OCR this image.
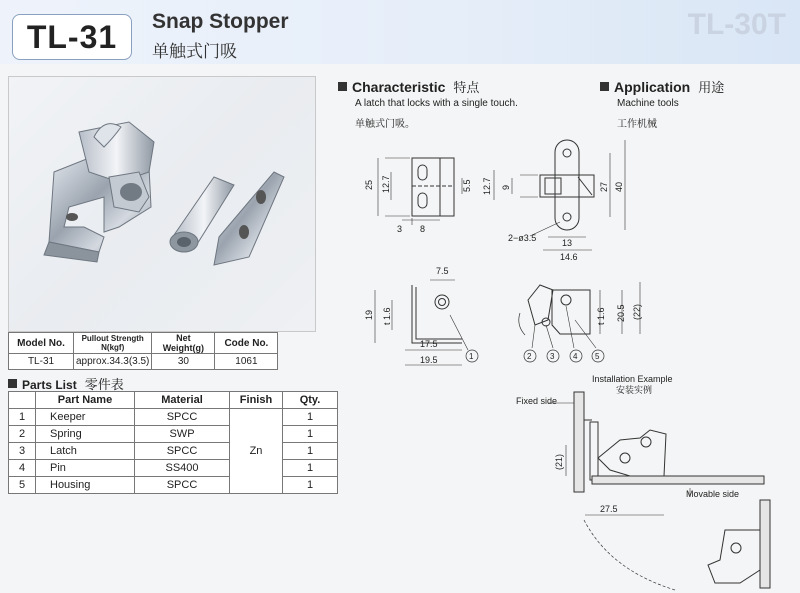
TL-30T
TL-31	Snap Stopper
单触式门吸
Model No.	Pullout Strength N(kgf)	Net Weight(g)	Code No.
TL-31	approx.34.3(3.5)	30	1061
Parts List 零件表
	Part Name	Material	Finish	Qty.
1	Keeper	SPCC	Zn	1
2	Spring	SWP		1
3	Latch	SPCC		1
4	Pin	SS400		1
5	Housing	SPCC		1
Characteristic 特点
A latch that locks with a single touch.
单触式门吸。
Application 用途
Machine tools
工作机械
25 12.7	5.5
3 8
12.7 9	27 40
2−ø3.5	13
14.6
7.5
19 t 1.6
17.5
19.5	1
t 1.6 20.5 (22)
2 3 4 5
Installation Example
安装实例
Fixed side
Movable side
(21)
27.5
